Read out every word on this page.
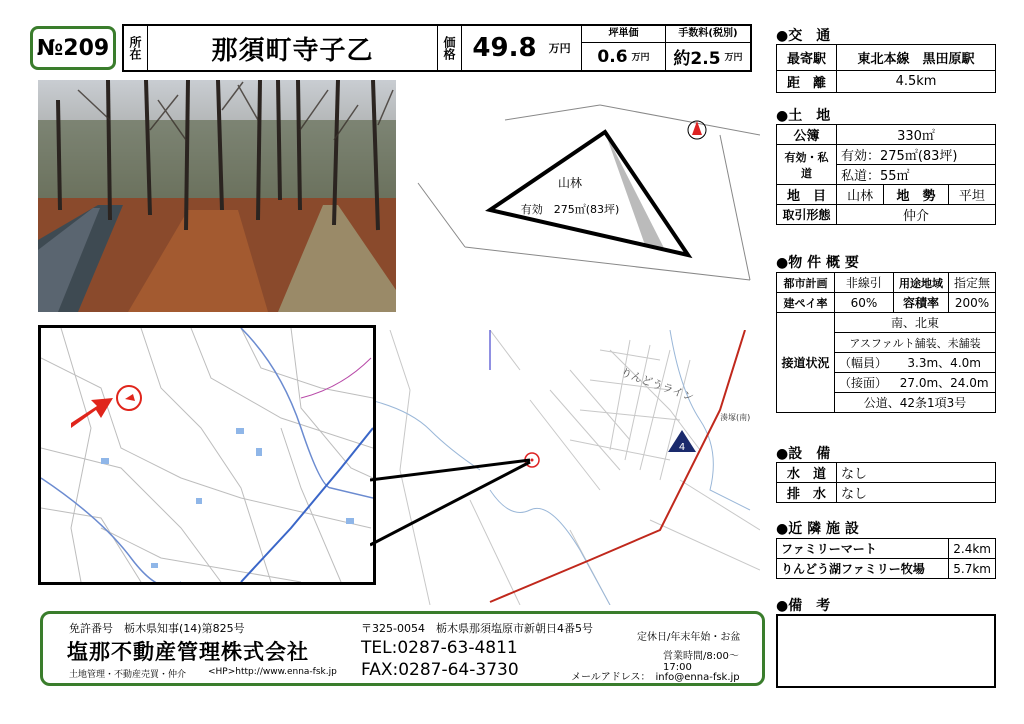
№209	所在	那須町寺子乙	価格 49.8 万円
坪単価
0.6 万円
手数料(税別)
約2.5 万円
山林
有効　275㎡(83坪)
4
りんどうライン
湊塚(南)
●交　通
最寄駅	東北本線　黒田原駅
距　離	4.5km
●土　地
公簿	330㎡		
有効・私道	有効：275㎡(83坪)		
	私道：55㎡		
地　目	山林	地　勢	平坦
取引形態	仲介		
●物 件 概 要
都市計画	非線引	用途地域	指定無
建ぺイ率	60%	容積率	200%
接道状況	南、北東		
	アスファルト舗装、未舗装		
	（幅員）	3.3m、4.0m	
	（接面）	27.0m、24.0m	
	公道、42条1項3号		
●設　備
水　道	なし
排　水	なし
●近 隣 施 設
ファミリーマート	2.4km
りんどう湖ファミリー牧場	5.7km
●備　考
免許番号　栃木県知事(14)第825号
塩那不動産管理株式会社
土地管理・不動産売買・仲介 <HP>http://www.enna-fsk.jp
〒325-0054　栃木県那須塩原市新朝日4番5号
TEL:0287-63-4811
FAX:0287-64-3730
定休日/年末年始・お盆
営業時間/8:00～17:00
メールアドレス：　info@enna-fsk.jp
